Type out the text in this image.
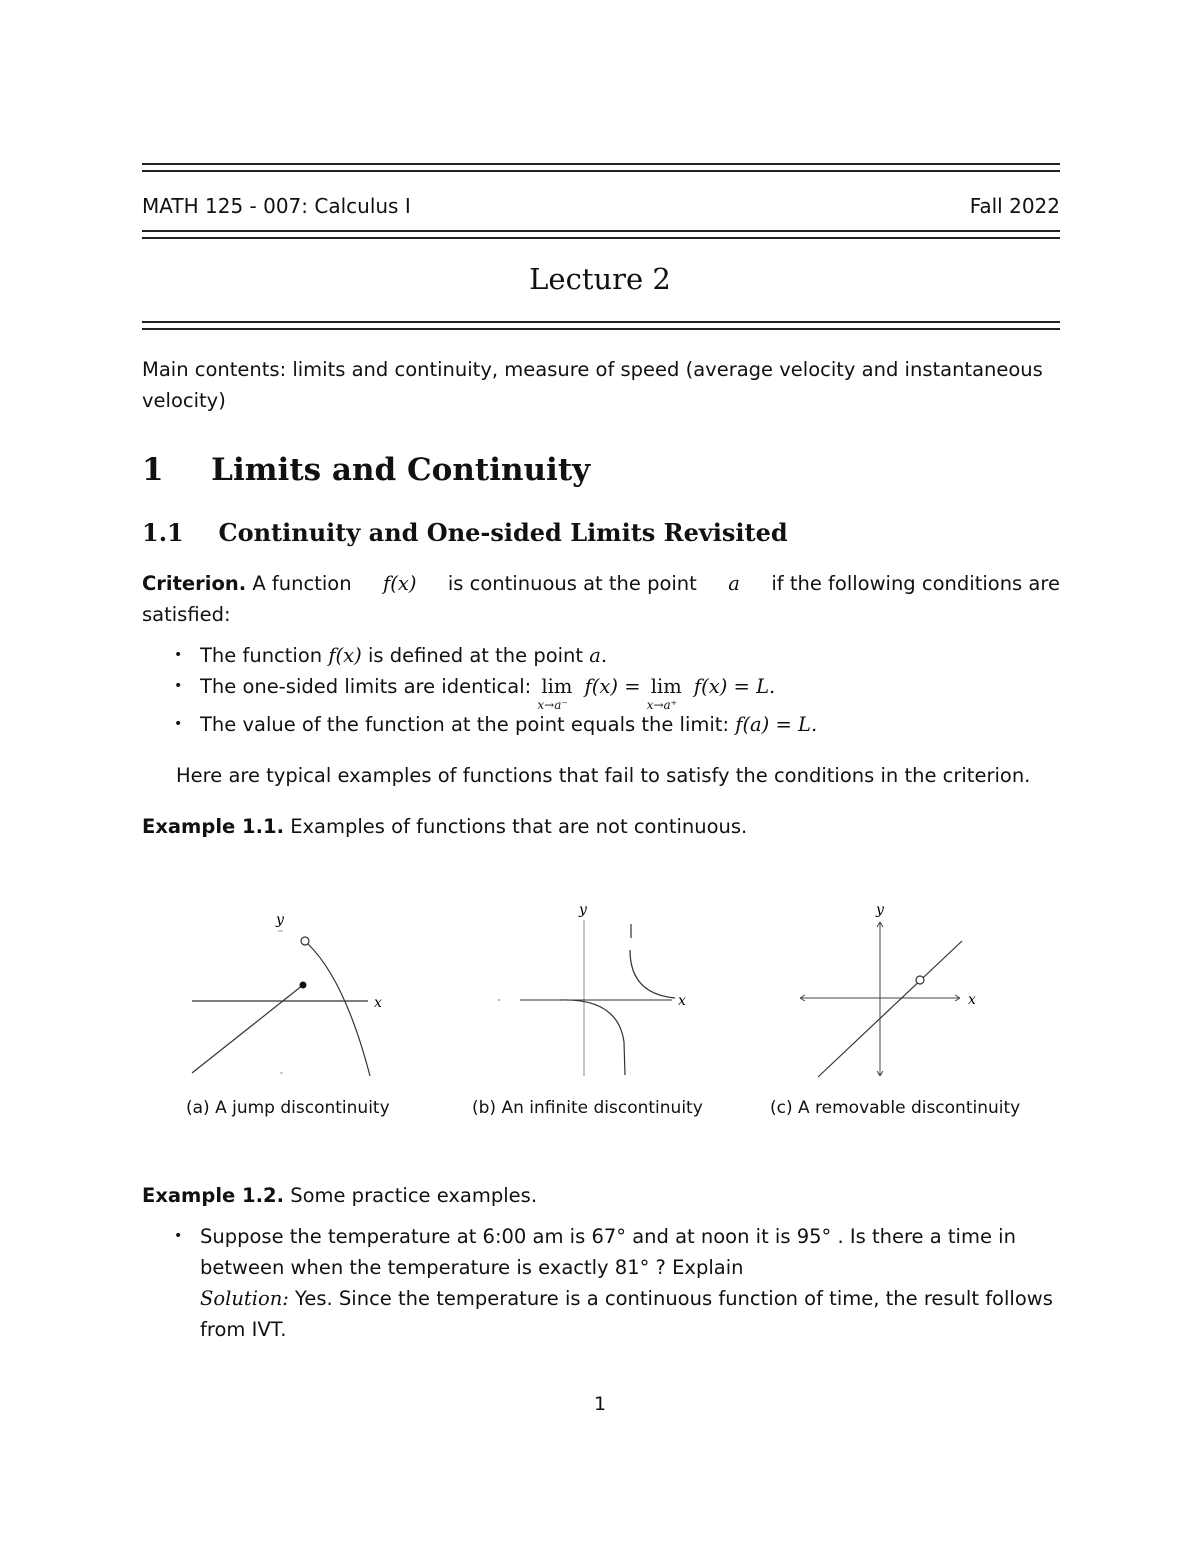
MATH 125 - 007: Calculus I	Fall 2022
Lecture 2
Main contents: limits and continuity, measure of speed (average velocity and instantaneous
velocity)
1 Limits and Continuity
1.1 Continuity and One-sided Limits Revisited
Criterion. A function f(x) is continuous at the point a if the following conditions are
satisfied:
• The function f(x) is defined at the point a.
• The one-sided limits are identical: lim
x→a⁻
f(x) = lim
x→a⁺
f(x) = L.
• The value of the function at the point equals the limit: f(a) = L.
Here are typical examples of functions that fail to satisfy the conditions in the criterion.
Example 1.1. Examples of functions that are not continuous.
x
y
y
x	x
y
(a) A jump discontinuity	(b) An infinite discontinuity	(c) A removable discontinuity
Example 1.2. Some practice examples.
• Suppose the temperature at 6:00 am is 67° and at noon it is 95° . Is there a time in
between when the temperature is exactly 81° ? Explain
Solution: Yes. Since the temperature is a continuous function of time, the result follows
from IVT.
1
